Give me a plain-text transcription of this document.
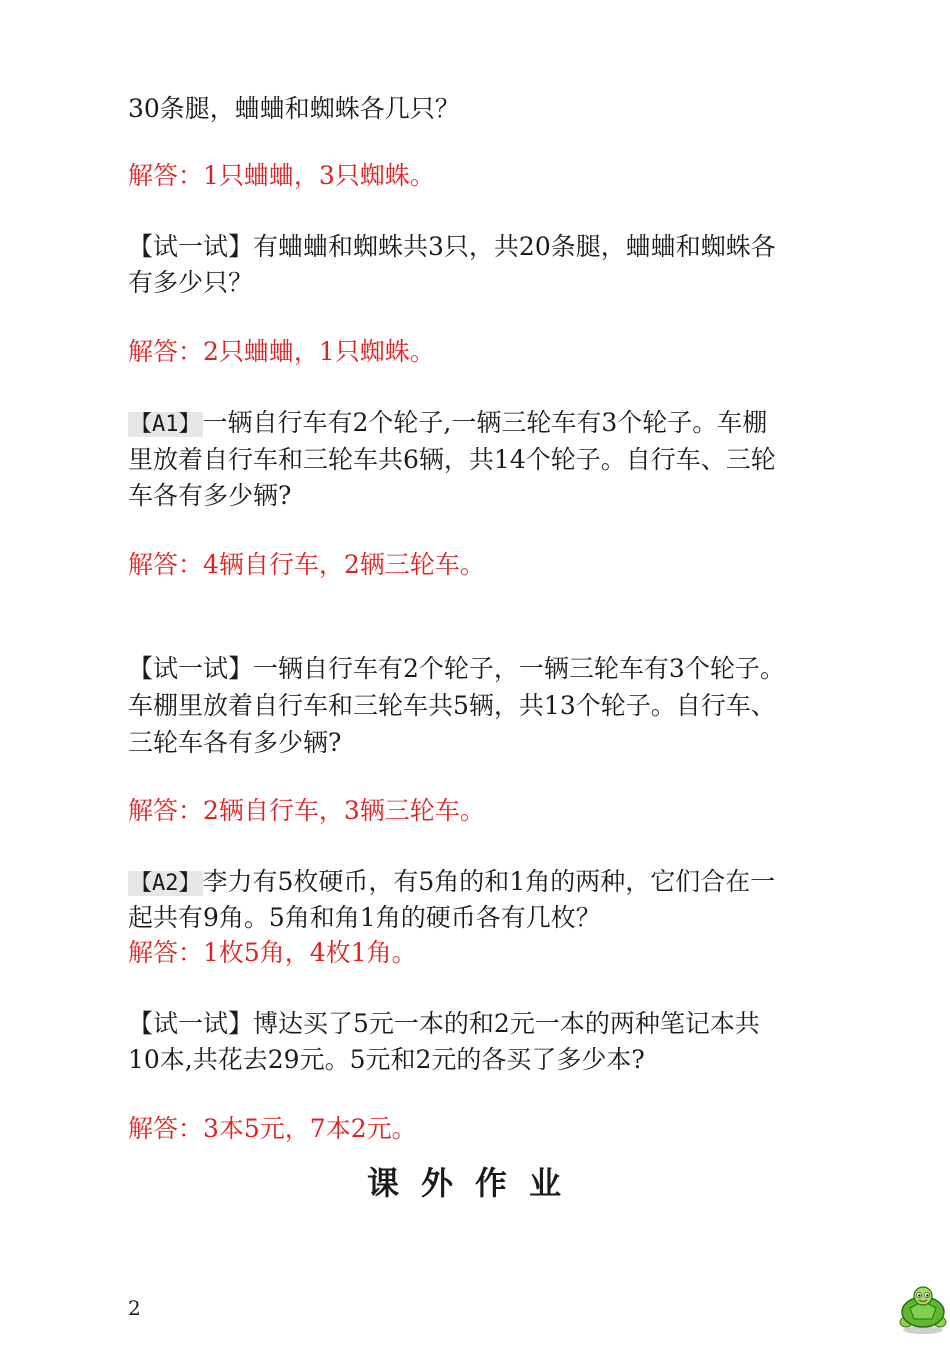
30条腿，蛐蛐和蜘蛛各几只？
解答：1只蛐蛐，3只蜘蛛。
【试一试】有蛐蛐和蜘蛛共3只，共20条腿，蛐蛐和蜘蛛各
有多少只？
解答：2只蛐蛐，1只蜘蛛。
【A1】一辆自行车有2个轮子,一辆三轮车有3个轮子。车棚
里放着自行车和三轮车共6辆，共14个轮子。自行车、三轮
车各有多少辆?
解答：4辆自行车，2辆三轮车。
【试一试】一辆自行车有2个轮子，一辆三轮车有3个轮子。
车棚里放着自行车和三轮车共5辆，共13个轮子。自行车、
三轮车各有多少辆?
解答：2辆自行车，3辆三轮车。
【A2】李力有5枚硬币，有5角的和1角的两种，它们合在一
起共有9角。5角和角1角的硬币各有几枚？
解答：1枚5角，4枚1角。
【试一试】博达买了5元一本的和2元一本的两种笔记本共
10本,共花去29元。5元和2元的各买了多少本?
解答：3本5元，7本2元。
课外作业
2
